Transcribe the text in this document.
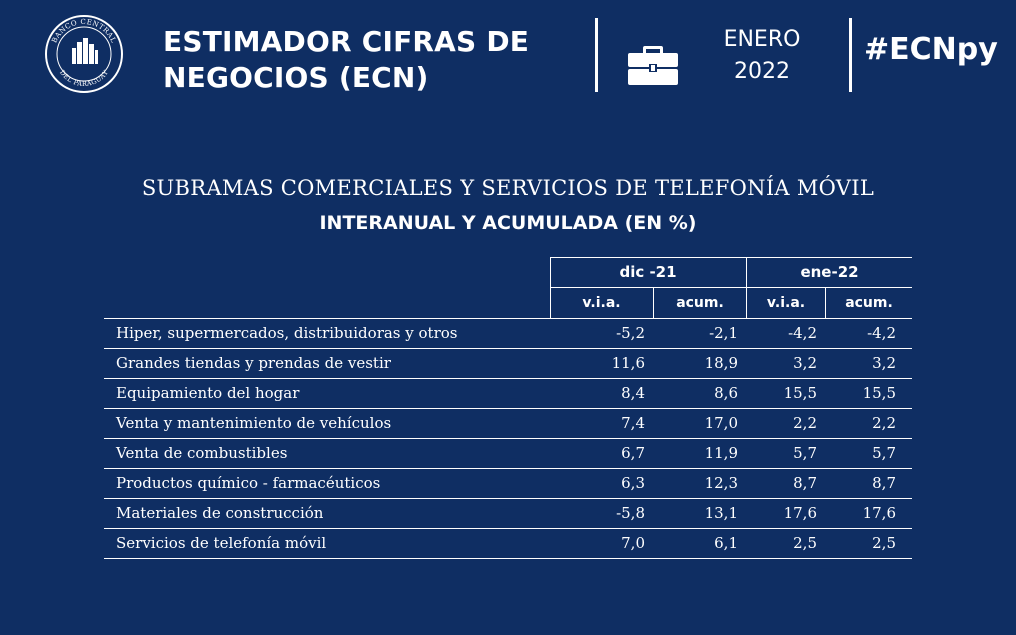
BANCO CENTRAL
DEL PARAGUAY
ESTIMADOR CIFRAS DE
NEGOCIOS (ECN)
ENERO
2022
#ECNpy
SUBRAMAS COMERCIALES Y SERVICIOS DE TELEFONÍA MÓVIL
INTERANUAL Y ACUMULADA (EN %)
dic -21	ene-22
v.i.a.	acum.	v.i.a.	acum.
Hiper, supermercados, distribuidoras y otros	-5,2	-2,1	-4,2	-4,2
Grandes tiendas y prendas de vestir	11,6	18,9	3,2	3,2
Equipamiento del hogar	8,4	8,6	15,5	15,5
Venta y mantenimiento de vehículos	7,4	17,0	2,2	2,2
Venta de combustibles	6,7	11,9	5,7	5,7
Productos químico - farmacéuticos	6,3	12,3	8,7	8,7
Materiales de construcción	-5,8	13,1	17,6	17,6
Servicios de telefonía móvil	7,0	6,1	2,5	2,5
